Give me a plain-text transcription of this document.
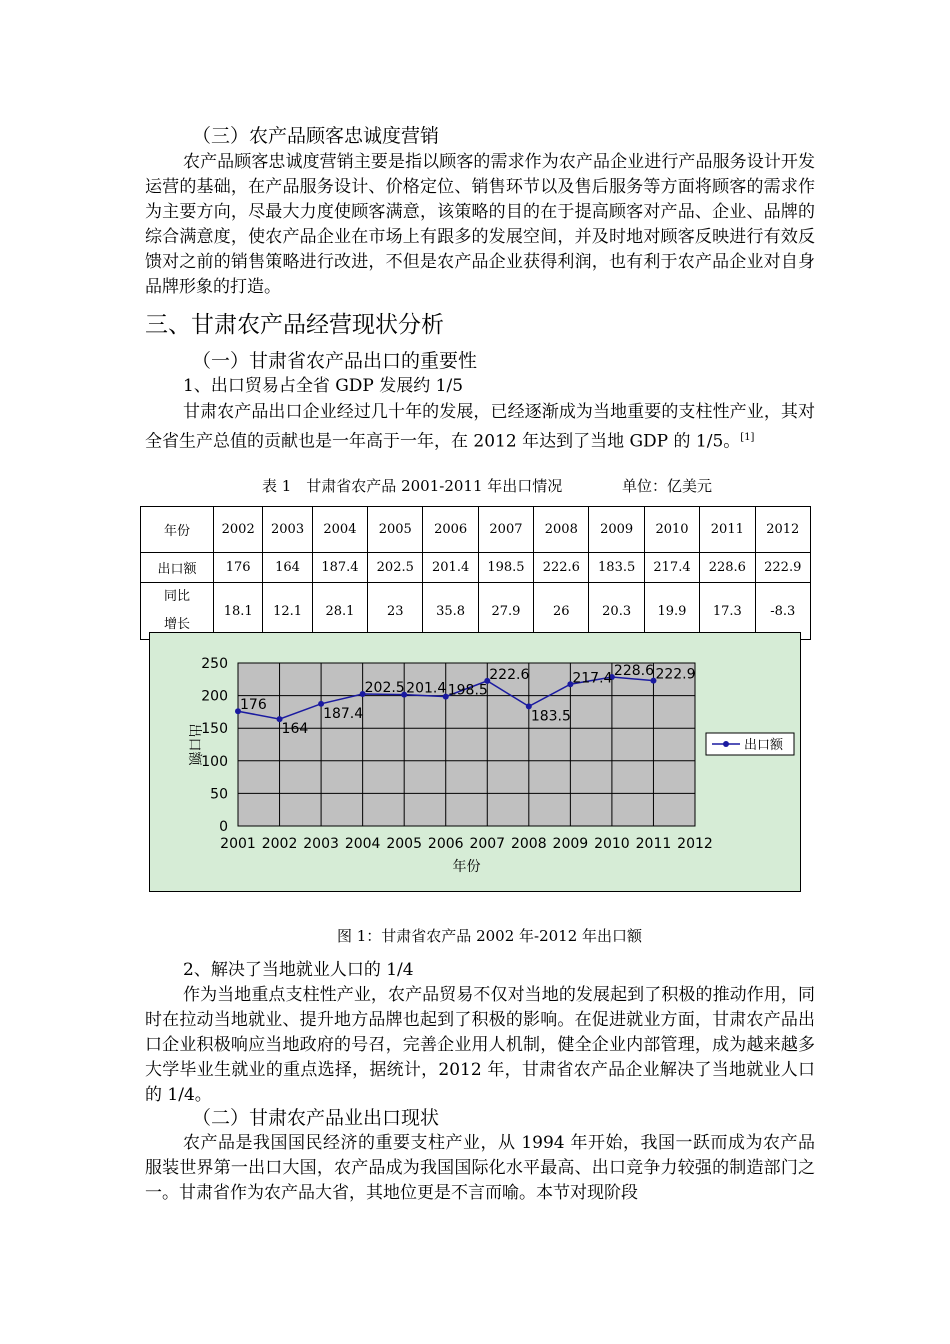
（三）农产品顾客忠诚度营销
农产品顾客忠诚度营销主要是指以顾客的需求作为农产品企业进行产品服务设计开发运营的基础，在产品服务设计、价格定位、销售环节以及售后服务等方面将顾客的需求作为主要方向，尽最大力度使顾客满意，该策略的目的在于提高顾客对产品、企业、品牌的综合满意度，使农产品企业在市场上有跟多的发展空间，并及时地对顾客反映进行有效反馈对之前的销售策略进行改进，不但是农产品企业获得利润，也有利于农产品企业对自身品牌形象的打造。
三、甘肃农产品经营现状分析
（一）甘肃省农产品出口的重要性
1、出口贸易占全省 GDP 发展约 1/5
甘肃农产品出口企业经过几十年的发展，已经逐渐成为当地重要的支柱性产业，其对全省生产总值的贡献也是一年高于一年，在 2012 年达到了当地 GDP 的 1/5。[1]
表 1　甘肃省农产品 2001-2011 年出口情况	单位：亿美元
年份	2002	2003	2004	2005	2006	2007	2008	2009	2010	2011	2012
出口额	176	164	187.4	202.5	201.4	198.5	222.6	183.5	217.4	228.6	222.9
同比
增长	18.1	12.1	28.1	23	35.8	27.9	26	20.3	19.9	17.3	-8.3
0
50
100
150
200
250
2001 2002 2003 2004 2005 2006 2007 2008 2009 2010 2011 2012
176
164
187.4
202.5 201.4 198.5
222.6
183.5
217.4 228.6 222.9
年份
出口额	出口额
图 1：甘肃省农产品 2002 年-2012 年出口额
2、解决了当地就业人口的 1/4
作为当地重点支柱性产业，农产品贸易不仅对当地的发展起到了积极的推动作用，同时在拉动当地就业、提升地方品牌也起到了积极的影响。在促进就业方面，甘肃农产品出口企业积极响应当地政府的号召，完善企业用人机制，健全企业内部管理，成为越来越多大学毕业生就业的重点选择，据统计，2012 年，甘肃省农产品企业解决了当地就业人口的 1/4。
（二）甘肃农产品业出口现状
农产品是我国国民经济的重要支柱产业，从 1994 年开始，我国一跃而成为农产品服装世界第一出口大国，农产品成为我国国际化水平最高、出口竞争力较强的制造部门之一。甘肃省作为农产品大省，其地位更是不言而喻。本节对现阶段
